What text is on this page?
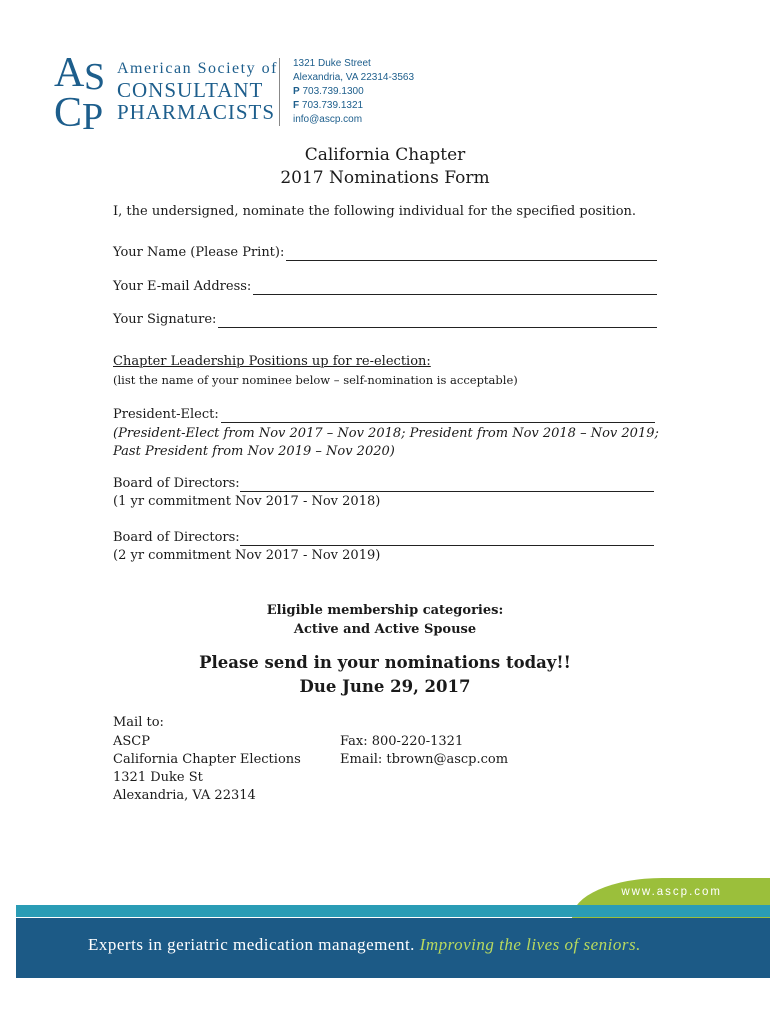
A S
C P
American Society of
CONSULTANT
PHARMACISTS
1321 Duke Street
Alexandria, VA 22314-3563
P 703.739.1300
F 703.739.1321
info@ascp.com
California Chapter
2017 Nominations Form
I, the undersigned, nominate the following individual for the specified position.
Your Name (Please Print):
Your E-mail Address:
Your Signature:
Chapter Leadership Positions up for re-election:
(list the name of your nominee below – self-nomination is acceptable)
President-Elect:
(President-Elect from Nov 2017 – Nov 2018; President from Nov 2018 – Nov 2019;
Past President from Nov 2019 – Nov 2020)
Board of Directors:
(1 yr commitment Nov 2017 - Nov 2018)
Board of Directors:
(2 yr commitment Nov 2017 - Nov 2019)
Eligible membership categories:
Active and Active Spouse
Please send in your nominations today!!
Due June 29, 2017
Mail to:
ASCP
California Chapter Elections
1321 Duke St
Alexandria, VA 22314
Fax: 800-220-1321
Email: tbrown@ascp.com
www.ascp.com
Experts in geriatric medication management. Improving the lives of seniors.
